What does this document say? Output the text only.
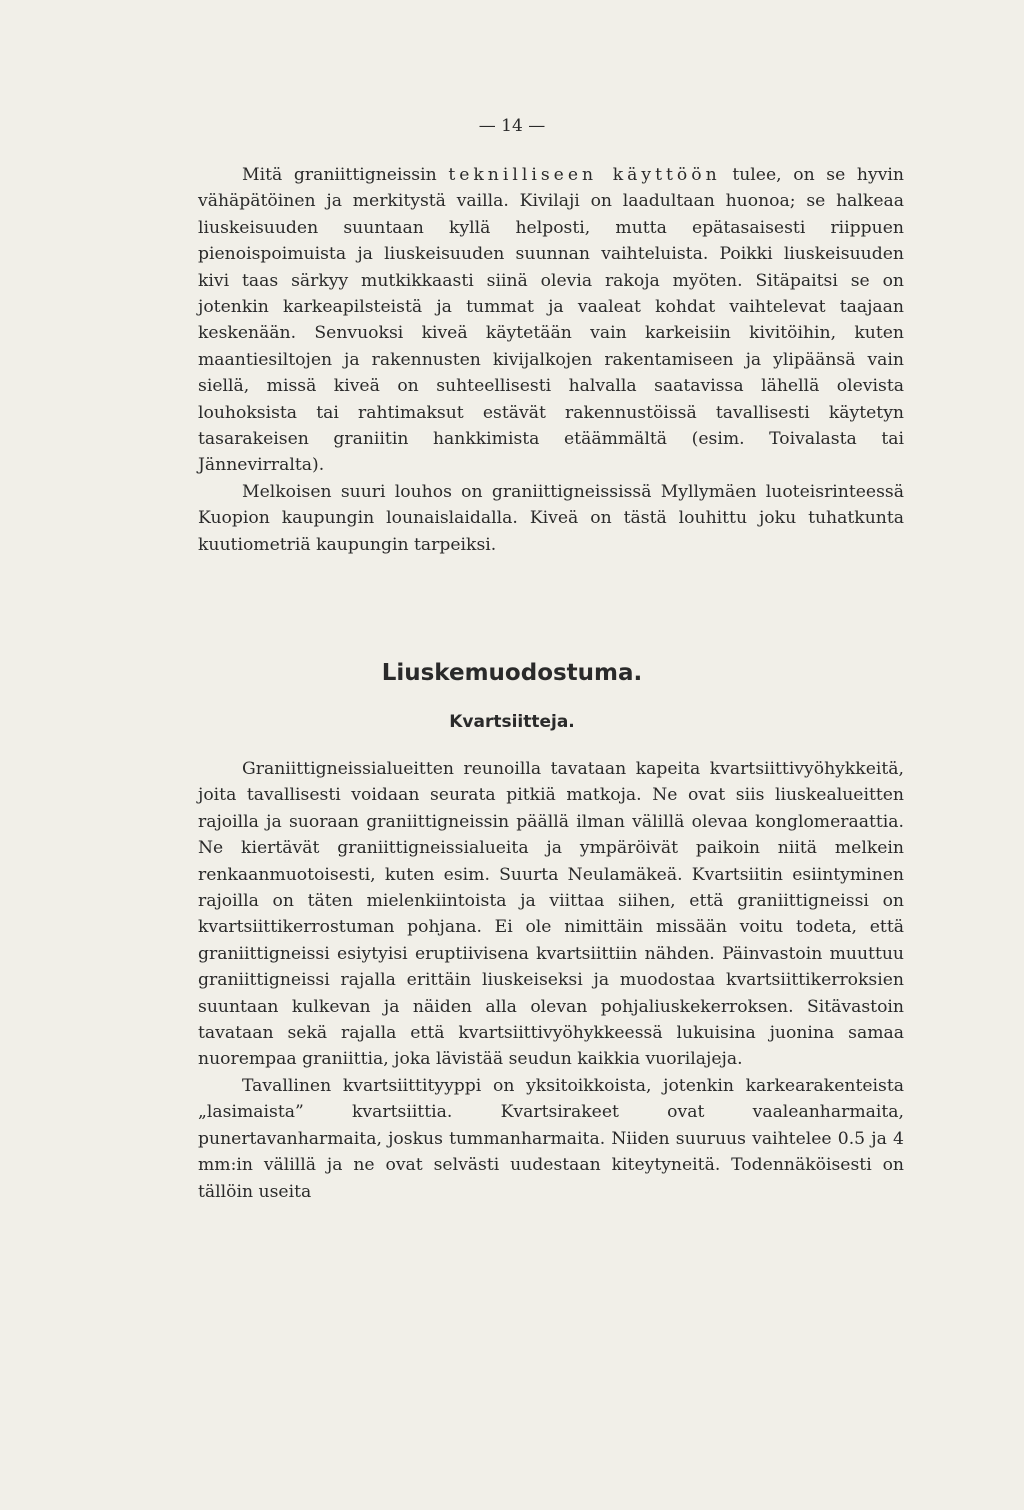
— 14 —

Mitä graniittigneissin teknilliseen käyttöön tulee, on se hyvin vähäpätöinen ja merkitystä vailla. Kivilaji on laadultaan huonoa; se halkeaa liuskeisuuden suuntaan kyllä helposti, mutta epätasaisesti riippuen pienoispoimuista ja liuskeisuuden suunnan vaihteluista. Poikki liuskeisuuden kivi taas särkyy mutkikkaasti siinä olevia rakoja myöten. Sitäpaitsi se on jotenkin karkeapilsteistä ja tummat ja vaaleat kohdat vaihtelevat taajaan keskenään. Senvuoksi kiveä käytetään vain karkeisiin kivitöihin, kuten maantiesiltojen ja rakennusten kivijalkojen rakentamiseen ja ylipäänsä vain siellä, missä kiveä on suhteellisesti halvalla saatavissa lähellä olevista louhoksista tai rahtimaksut estävät rakennustöissä tavallisesti käytetyn tasarakeisen graniitin hankkimista etäämmältä (esim. Toivalasta tai Jännevirralta).

Melkoisen suuri louhos on graniittigneississä Myllymäen luoteisrinteessä Kuopion kaupungin lounaislaidalla. Kiveä on tästä louhittu joku tuhatkunta kuutiometriä kaupungin tarpeiksi.

Liuskemuodostuma.
Kvartsiitteja.

Graniittigneissialueitten reunoilla tavataan kapeita kvartsiittivyöhykkeitä, joita tavallisesti voidaan seurata pitkiä matkoja. Ne ovat siis liuskealueitten rajoilla ja suoraan graniittigneissin päällä ilman välillä olevaa konglomeraattia. Ne kiertävät graniittigneissialueita ja ympäröivät paikoin niitä melkein renkaanmuotoisesti, kuten esim. Suurta Neulamäkeä. Kvartsiitin esiintyminen rajoilla on täten mielenkiintoista ja viittaa siihen, että graniittigneissi on kvartsiittikerrostuman pohjana. Ei ole nimittäin missään voitu todeta, että graniittigneissi esiytyisi eruptiivisena kvartsiittiin nähden. Päinvastoin muuttuu graniittigneissi rajalla erittäin liuskeiseksi ja muodostaa kvartsiittikerroksien suuntaan kulkevan ja näiden alla olevan pohjaliuskekerroksen. Sitävastoin tavataan sekä rajalla että kvartsiittivyöhykkeessä lukuisina juonina samaa nuorempaa graniittia, joka lävistää seudun kaikkia vuorilajeja.

Tavallinen kvartsiittityyppi on yksitoikkoista, jotenkin karkearakenteista „lasimaista” kvartsiittia. Kvartsirakeet ovat vaaleanharmaita, punertavanharmaita, joskus tummanharmaita. Niiden suuruus vaihtelee 0.5 ja 4 mm:in välillä ja ne ovat selvästi uudestaan kiteytyneitä. Todennäköisesti on tällöin useita
